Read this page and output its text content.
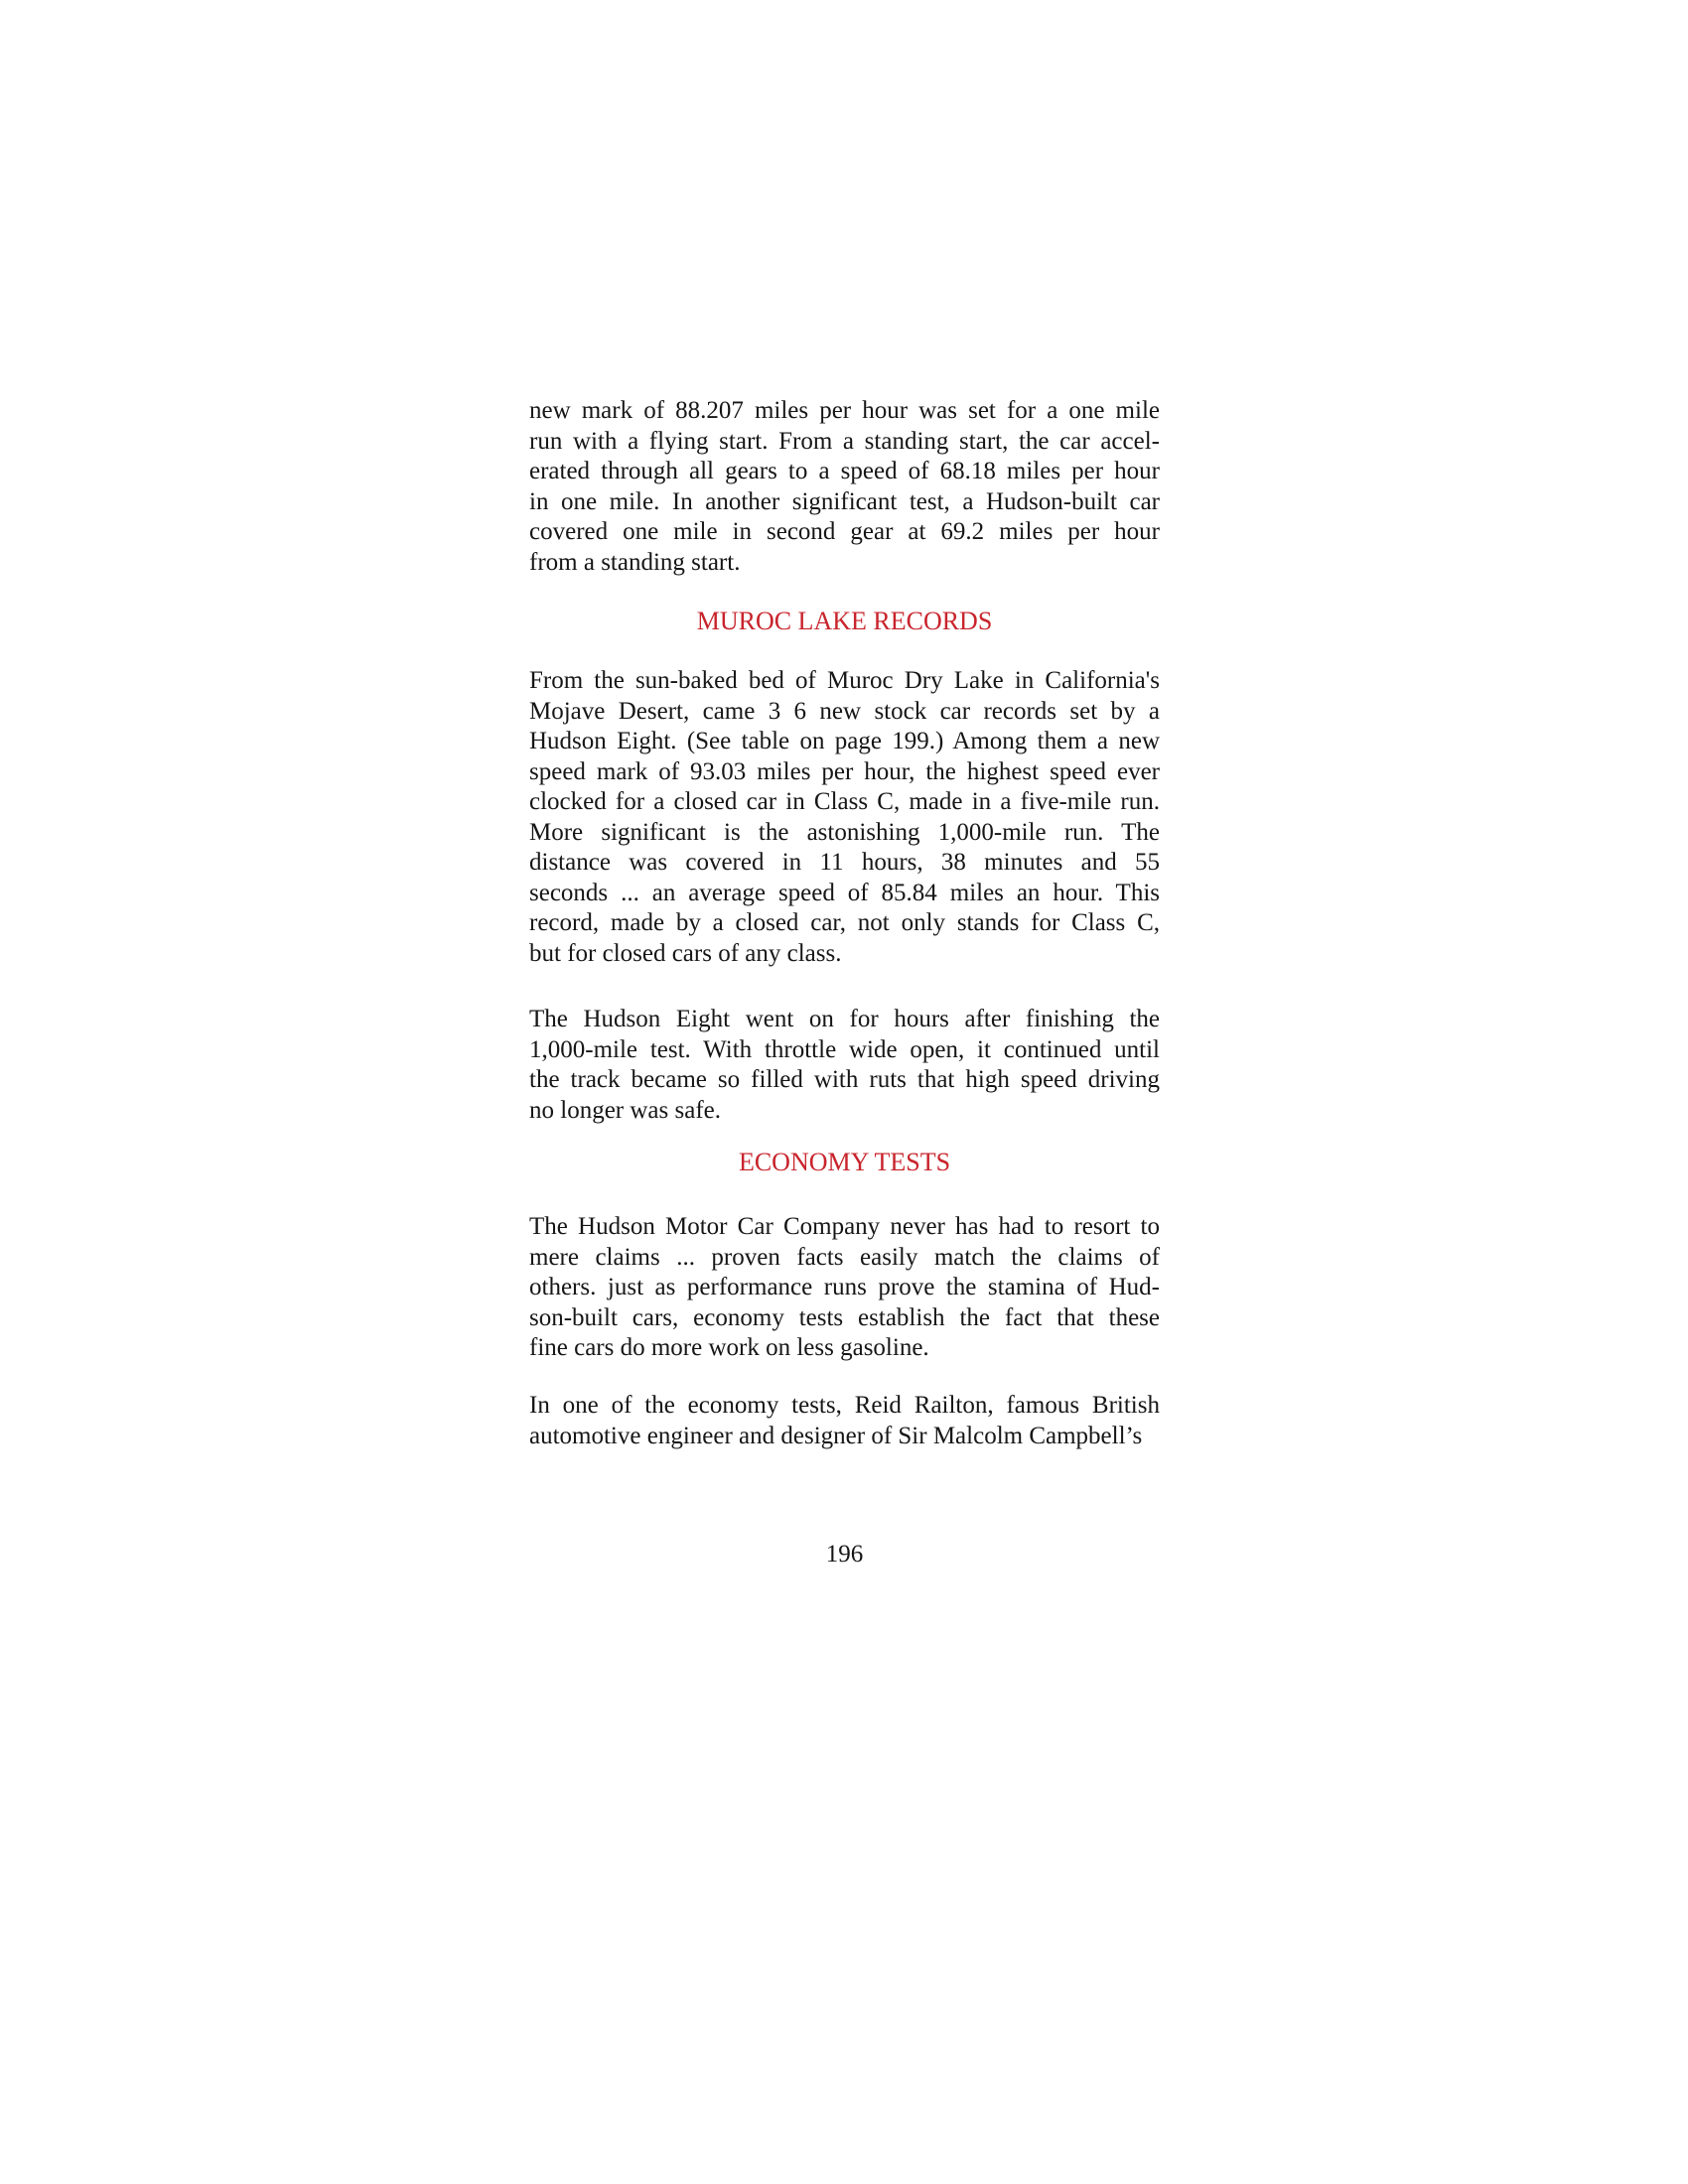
new mark of 88.207 miles per hour was set for a one mile
run with a flying start. From a standing start, the car accel-
erated through all gears to a speed of 68.18 miles per hour
in one mile. In another significant test, a Hudson-built car
covered one mile in second gear at 69.2 miles per hour
from a standing start.
MUROC LAKE RECORDS
From the sun-baked bed of Muroc Dry Lake in California's
Mojave Desert, came 3 6 new stock car records set by a
Hudson Eight. (See table on page 199.) Among them a new
speed mark of 93.03 miles per hour, the highest speed ever
clocked for a closed car in Class C, made in a five-mile run.
More significant is the astonishing 1,000-mile run. The
distance was covered in 11 hours, 38 minutes and 55
seconds ... an average speed of 85.84 miles an hour. This
record, made by a closed car, not only stands for Class C,
but for closed cars of any class.
The Hudson Eight went on for hours after finishing the
1,000-mile test. With throttle wide open, it continued until
the track became so filled with ruts that high speed driving
no longer was safe.
ECONOMY TESTS
The Hudson Motor Car Company never has had to resort to
mere claims ... proven facts easily match the claims of
others. just as performance runs prove the stamina of Hud-
son-built cars, economy tests establish the fact that these
fine cars do more work on less gasoline.
In one of the economy tests, Reid Railton, famous British
automotive engineer and designer of Sir Malcolm Campbell’s
196
